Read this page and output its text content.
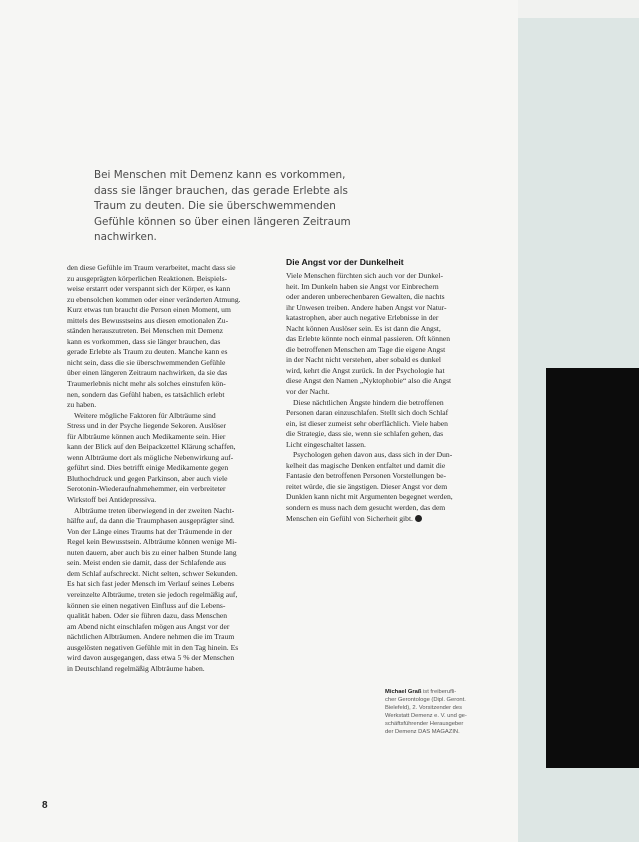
Bei Menschen mit Demenz kann es vorkommen,
dass sie länger brauchen, das gerade Erlebte als
Traum zu deuten. Die sie überschwemmenden
Gefühle können so über einen längeren Zeitraum
nachwirken.
den diese Gefühle im Traum verarbeitet, macht dass sie
zu ausgeprägten körperlichen Reaktionen. Beispiels-
weise erstarrt oder verspannt sich der Körper, es kann
zu ebensolchen kommen oder einer veränderten Atmung.
Kurz etwas tun braucht die Person einen Moment, um
mittels des Bewusstseins aus diesen emotionalen Zu-
ständen herauszutreten. Bei Menschen mit Demenz
kann es vorkommen, dass sie länger brauchen, das
gerade Erlebte als Traum zu deuten. Manche kann es
nicht sein, dass die sie überschwemmenden Gefühle
über einen längeren Zeitraum nachwirken, da sie das
Traumerlebnis nicht mehr als solches einstufen kön-
nen, sondern das Gefühl haben, es tatsächlich erlebt
zu haben.
Weitere mögliche Faktoren für Albträume sind
Stress und in der Psyche liegende Sekoren. Auslöser
für Albträume können auch Medikamente sein. Hier
kann der Blick auf den Beipackzettel Klärung schaffen,
wenn Albträume dort als mögliche Nebenwirkung auf-
geführt sind. Dies betrifft einige Medikamente gegen
Bluthochdruck und gegen Parkinson, aber auch viele
Serotonin-Wiederaufnahmehemmer, ein verbreiteter
Wirkstoff bei Antidepressiva.
Albträume treten überwiegend in der zweiten Nacht-
hälfte auf, da dann die Traumphasen ausgeprägter sind.
Von der Länge eines Traums hat der Träumende in der
Regel kein Bewusstsein. Albträume können wenige Mi-
nuten dauern, aber auch bis zu einer halben Stunde lang
sein. Meist enden sie damit, dass der Schlafende aus
dem Schlaf aufschreckt. Nicht selten, schwer Sekunden.
Es hat sich fast jeder Mensch im Verlauf seines Lebens
vereinzelte Albträume, treten sie jedoch regelmäßig auf,
können sie einen negativen Einfluss auf die Lebens-
qualität haben. Oder sie führen dazu, dass Menschen
am Abend nicht einschlafen mögen aus Angst vor der
nächtlichen Albträumen. Andere nehmen die im Traum
ausgelösten negativen Gefühle mit in den Tag hinein. Es
wird davon ausgegangen, dass etwa 5 % der Menschen
in Deutschland regelmäßig Albträume haben.
Die Angst vor der Dunkelheit
Viele Menschen fürchten sich auch vor der Dunkel-
heit. Im Dunkeln haben sie Angst vor Einbrechern
oder anderen unberechenbaren Gewalten, die nachts
ihr Unwesen treiben. Andere haben Angst vor Natur-
katastrophen, aber auch negative Erlebnisse in der
Nacht können Auslöser sein. Es ist dann die Angst,
das Erlebte könnte noch einmal passieren. Oft können
die betroffenen Menschen am Tage die eigene Angst
in der Nacht nicht verstehen, aber sobald es dunkel
wird, kehrt die Angst zurück. In der Psychologie hat
diese Angst den Namen „Nyktophobie“ also die Angst
vor der Nacht.
Diese nächtlichen Ängste hindern die betroffenen
Personen daran einzuschlafen. Stellt sich doch Schlaf
ein, ist dieser zumeist sehr oberflächlich. Viele haben
die Strategie, dass sie, wenn sie schlafen gehen, das
Licht eingeschaltet lassen.
Psychologen gehen davon aus, dass sich in der Dun-
kelheit das magische Denken entfaltet und damit die
Fantasie den betroffenen Personen Vorstellungen be-
reitet würde, die sie ängstigen. Dieser Angst vor dem
Dunklen kann nicht mit Argumenten begegnet werden,
sondern es muss nach dem gesucht werden, das dem
Menschen ein Gefühl von Sicherheit gibt.
Michael Graß ist freiberufli-
cher Gerontologe (Dipl. Geront.
Bielefeld), 2. Vorsitzender des
Werkstatt Demenz e. V. und ge-
schäftsführender Herausgeber
der Demenz DAS MAGAZIN.
8
